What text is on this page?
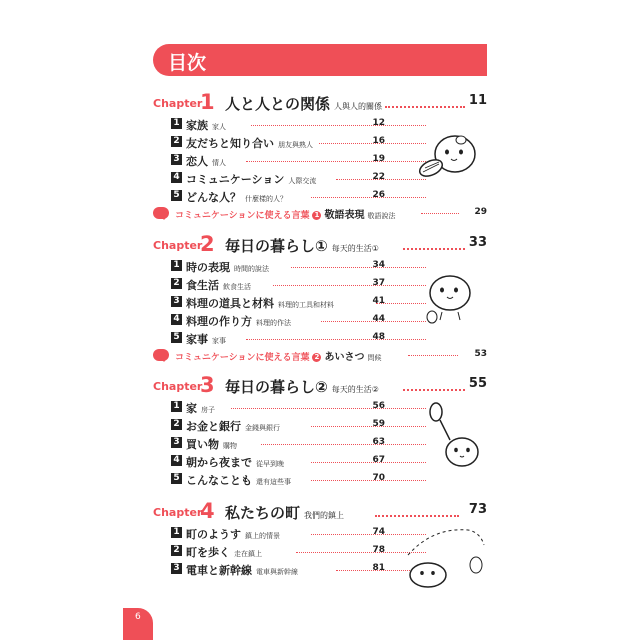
目次
Chapter
1 人と人との関係 人與人的關係	11
1 家族 家人	12
2 友だちと知り合い 朋友與熟人	16
3 恋人 情人	19
4 コミュニケーション 人際交流	22
5 どんな人？ 什麼樣的人？	26
コミュニケーションに使える言葉 1 敬語表現 敬語說法	29
Chapter
2 毎日の暮らし① 每天的生活①	33
1 時の表現 時間的說法	34
2 食生活 飲食生活	37
3 料理の道具と材料 料理的工具和材料	41
4 料理の作り方 料理的作法	44
5 家事 家事	48
コミュニケーションに使える言葉 2 あいさつ 問候	53
Chapter
3 毎日の暮らし② 每天的生活②	55
1 家房子	56
2 お金と銀行 金錢與銀行	59
3 買い物 購物	63
4 朝から夜まで 從早到晚	67
5 こんなことも 還有這些事	70
Chapter
4 私たちの町 我們的鎮上	73
1 町のようす 鎮上的情景	74
2 町を歩く 走在鎮上	78
3 電車と新幹線 電車與新幹線	81
6
